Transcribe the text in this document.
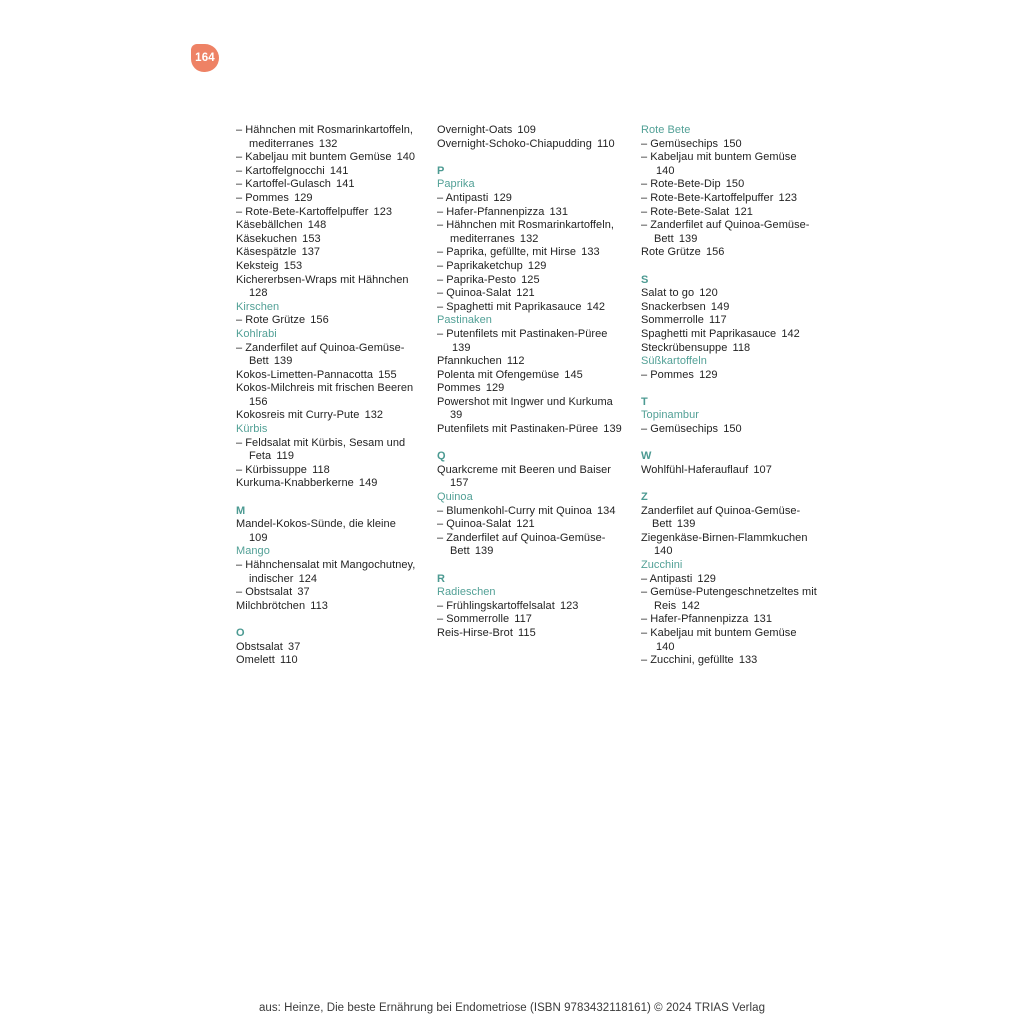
164
– Hähnchen mit Rosmarinkartoffeln, mediterranes 132
– Kabeljau mit buntem Gemüse 140
– Kartoffelgnocchi 141
– Kartoffel-Gulasch 141
– Pommes 129
– Rote-Bete-Kartoffelpuffer 123
Käsebällchen 148
Käsekuchen 153
Käsespätzle 137
Keksteig 153
Kichererbsen-Wraps mit Hähnchen 128
Kirschen
– Rote Grütze 156
Kohlrabi
– Zanderfilet auf Quinoa-Gemüse-Bett 139
Kokos-Limetten-Pannacotta 155
Kokos-Milchreis mit frischen Beeren 156
Kokosreis mit Curry-Pute 132
Kürbis
– Feldsalat mit Kürbis, Sesam und Feta 119
– Kürbissuppe 118
Kurkuma-Knabberkerne 149
M
Mandel-Kokos-Sünde, die kleine 109
Mango
– Hähnchensalat mit Mangochutney, indischer 124
– Obstsalat 37
Milchbrötchen 113
O
Obstsalat 37
Omelett 110
Overnight-Oats 109
Overnight-Schoko-Chiapudding 110
P
Paprika
– Antipasti 129
– Hafer-Pfannenpizza 131
– Hähnchen mit Rosmarinkartoffeln, mediterranes 132
– Paprika, gefüllte, mit Hirse 133
– Paprikaketchup 129
– Paprika-Pesto 125
– Quinoa-Salat 121
– Spaghetti mit Paprikasauce 142
Pastinaken
– Putenfilets mit Pastinaken-Püree 139
Pfannkuchen 112
Polenta mit Ofengemüse 145
Pommes 129
Powershot mit Ingwer und Kurkuma 39
Putenfilets mit Pastinaken-Püree 139
Q
Quarkcreme mit Beeren und Baiser 157
Quinoa
– Blumenkohl-Curry mit Quinoa 134
– Quinoa-Salat 121
– Zanderfilet auf Quinoa-Gemüse-Bett 139
R
Radieschen
– Frühlingskartoffelsalat 123
– Sommerrolle 117
Reis-Hirse-Brot 115
Rote Bete
– Gemüsechips 150
– Kabeljau mit buntem Gemüse 140
– Rote-Bete-Dip 150
– Rote-Bete-Kartoffelpuffer 123
– Rote-Bete-Salat 121
– Zanderfilet auf Quinoa-Gemüse-Bett 139
Rote Grütze 156
S
Salat to go 120
Snackerbsen 149
Sommerrolle 117
Spaghetti mit Paprikasauce 142
Steckrübensuppe 118
Süßkartoffeln
– Pommes 129
T
Topinambur
– Gemüsechips 150
W
Wohlfühl-Haferauflauf 107
Z
Zanderfilet auf Quinoa-Gemüse-Bett 139
Ziegenkäse-Birnen-Flammkuchen 140
Zucchini
– Antipasti 129
– Gemüse-Putengeschnetzeltes mit Reis 142
– Hafer-Pfannenpizza 131
– Kabeljau mit buntem Gemüse 140
– Zucchini, gefüllte 133
aus: Heinze, Die beste Ernährung bei Endometriose (ISBN 9783432118161) © 2024 TRIAS Verlag
